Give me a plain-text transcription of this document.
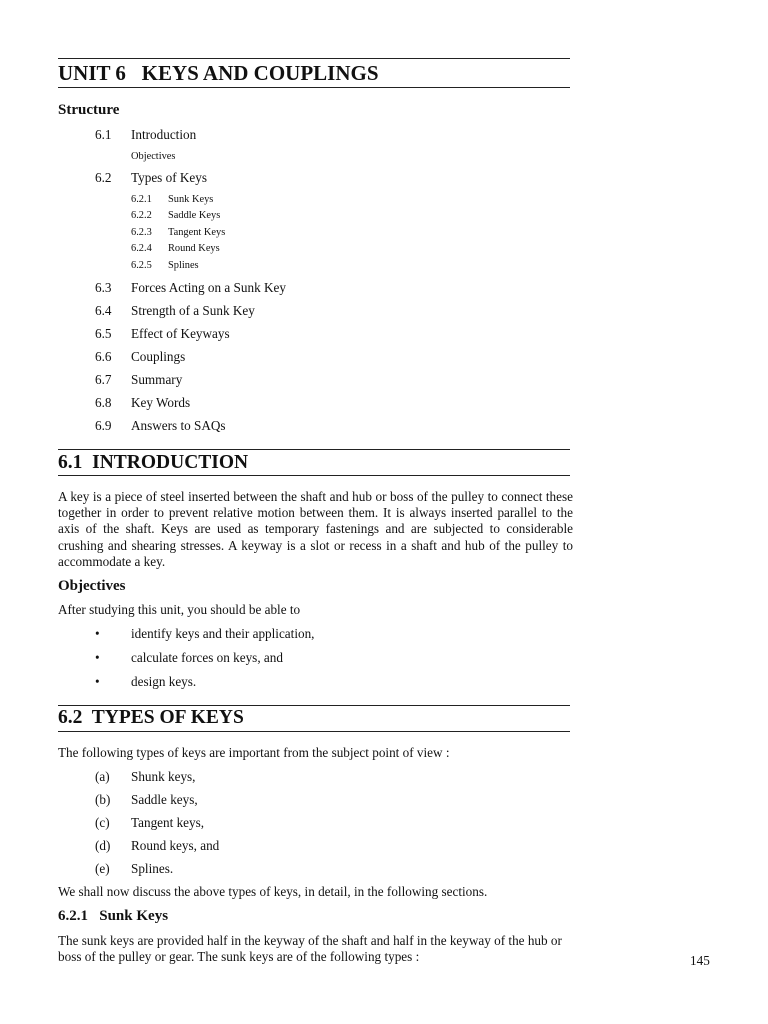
UNIT 6   KEYS AND COUPLINGS
Structure
6.1 Introduction
Objectives
6.2 Types of Keys
6.2.1 Sunk Keys
6.2.2 Saddle Keys
6.2.3 Tangent Keys
6.2.4 Round Keys
6.2.5 Splines
6.3 Forces Acting on a Sunk Key
6.4 Strength of a Sunk Key
6.5 Effect of Keyways
6.6 Couplings
6.7 Summary
6.8 Key Words
6.9 Answers to SAQs
6.1  INTRODUCTION
A key is a piece of steel inserted between the shaft and hub or boss of the pulley to connect these together in order to prevent relative motion between them. It is always inserted parallel to the axis of the shaft. Keys are used as temporary fastenings and are subjected to considerable crushing and shearing stresses. A keyway is a slot or recess in a shaft and hub of the pulley to accommodate a key.
Objectives
After studying this unit, you should be able to
• identify keys and their application,
• calculate forces on keys, and
• design keys.
6.2  TYPES OF KEYS
The following types of keys are important from the subject point of view :
(a) Shunk keys,
(b) Saddle keys,
(c) Tangent keys,
(d) Round keys, and
(e) Splines.
We shall now discuss the above types of keys, in detail, in the following sections.
6.2.1   Sunk Keys
The sunk keys are provided half in the keyway of the shaft and half in the keyway of the hub or boss of the pulley or gear. The sunk keys are of the following types :	145
